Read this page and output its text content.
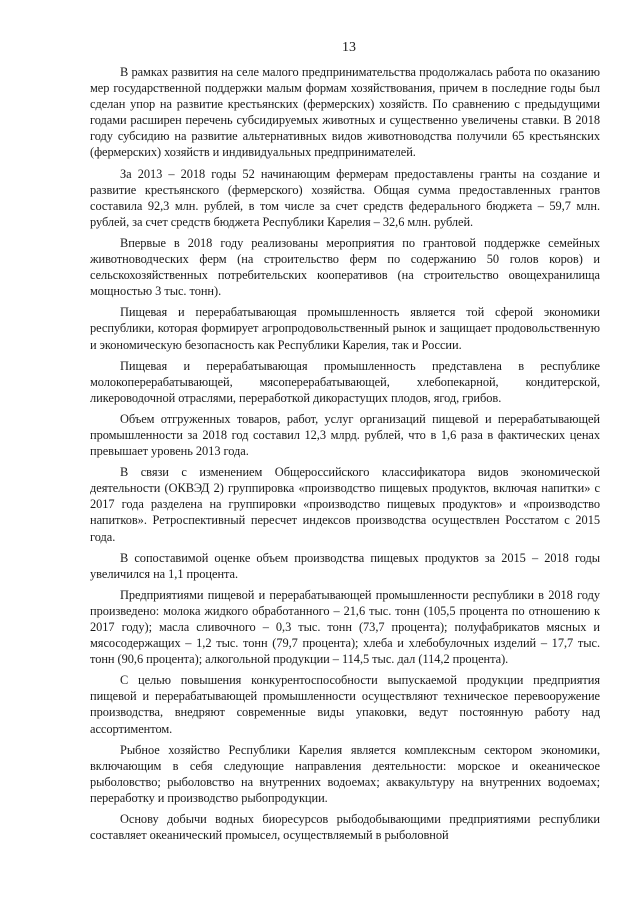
13

В рамках развития на селе малого предпринимательства продолжалась работа по оказанию мер государственной поддержки малым формам хозяйствования, причем в последние годы был сделан упор на развитие крестьянских (фермерских) хозяйств. По сравнению с предыдущими годами расширен перечень субсидируемых животных и существенно увеличены ставки. В 2018 году субсидию на развитие альтернативных видов животноводства получили 65 крестьянских (фермерских) хозяйств и индивидуальных предпринимателей.

За 2013 – 2018 годы 52 начинающим фермерам предоставлены гранты на создание и развитие крестьянского (фермерского) хозяйства. Общая сумма предоставленных грантов составила 92,3 млн. рублей, в том числе за счет средств федерального бюджета – 59,7 млн. рублей, за счет средств бюджета Республики Карелия – 32,6 млн. рублей.

Впервые в 2018 году реализованы мероприятия по грантовой поддержке семейных животноводческих ферм (на строительство ферм по содержанию 50 голов коров) и сельскохозяйственных потребительских кооперативов (на строительство овощехранилища мощностью 3 тыс. тонн).

Пищевая и перерабатывающая промышленность является той сферой экономики республики, которая формирует агропродовольственный рынок и защищает продовольственную и экономическую безопасность как Республики Карелия, так и России.

Пищевая и перерабатывающая промышленность представлена в республике молокоперерабатывающей, мясоперерабатывающей, хлебопекарной, кондитерской, ликероводочной отраслями, переработкой дикорастущих плодов, ягод, грибов.

Объем отгруженных товаров, работ, услуг организаций пищевой и перерабатывающей промышленности за 2018 год составил 12,3 млрд. рублей, что в 1,6 раза в фактических ценах превышает уровень 2013 года.

В связи с изменением Общероссийского классификатора видов экономической деятельности (ОКВЭД 2) группировка «производство пищевых продуктов, включая напитки» с 2017 года разделена на группировки «производство пищевых продуктов» и «производство напитков». Ретроспективный пересчет индексов производства осуществлен Росстатом с 2015 года.

В сопоставимой оценке объем производства пищевых продуктов за 2015 – 2018 годы увеличился на 1,1 процента.

Предприятиями пищевой и перерабатывающей промышленности республики в 2018 году произведено: молока жидкого обработанного – 21,6 тыс. тонн (105,5 процента по отношению к 2017 году); масла сливочного – 0,3 тыс. тонн (73,7 процента); полуфабрикатов мясных и мясосодержащих – 1,2 тыс. тонн (79,7 процента); хлеба и хлебобулочных изделий – 17,7 тыс. тонн (90,6 процента); алкогольной продукции – 114,5 тыс. дал (114,2 процента).

С целью повышения конкурентоспособности выпускаемой продукции предприятия пищевой и перерабатывающей промышленности осуществляют техническое перевооружение производства, внедряют современные виды упаковки, ведут постоянную работу над ассортиментом.

Рыбное хозяйство Республики Карелия является комплексным сектором экономики, включающим в себя следующие направления деятельности: морское и океаническое рыболовство; рыболовство на внутренних водоемах; аквакультуру на внутренних водоемах; переработку и производство рыбопродукции.

Основу добычи водных биоресурсов рыбодобывающими предприятиями республики составляет океанический промысел, осуществляемый в рыболовной
